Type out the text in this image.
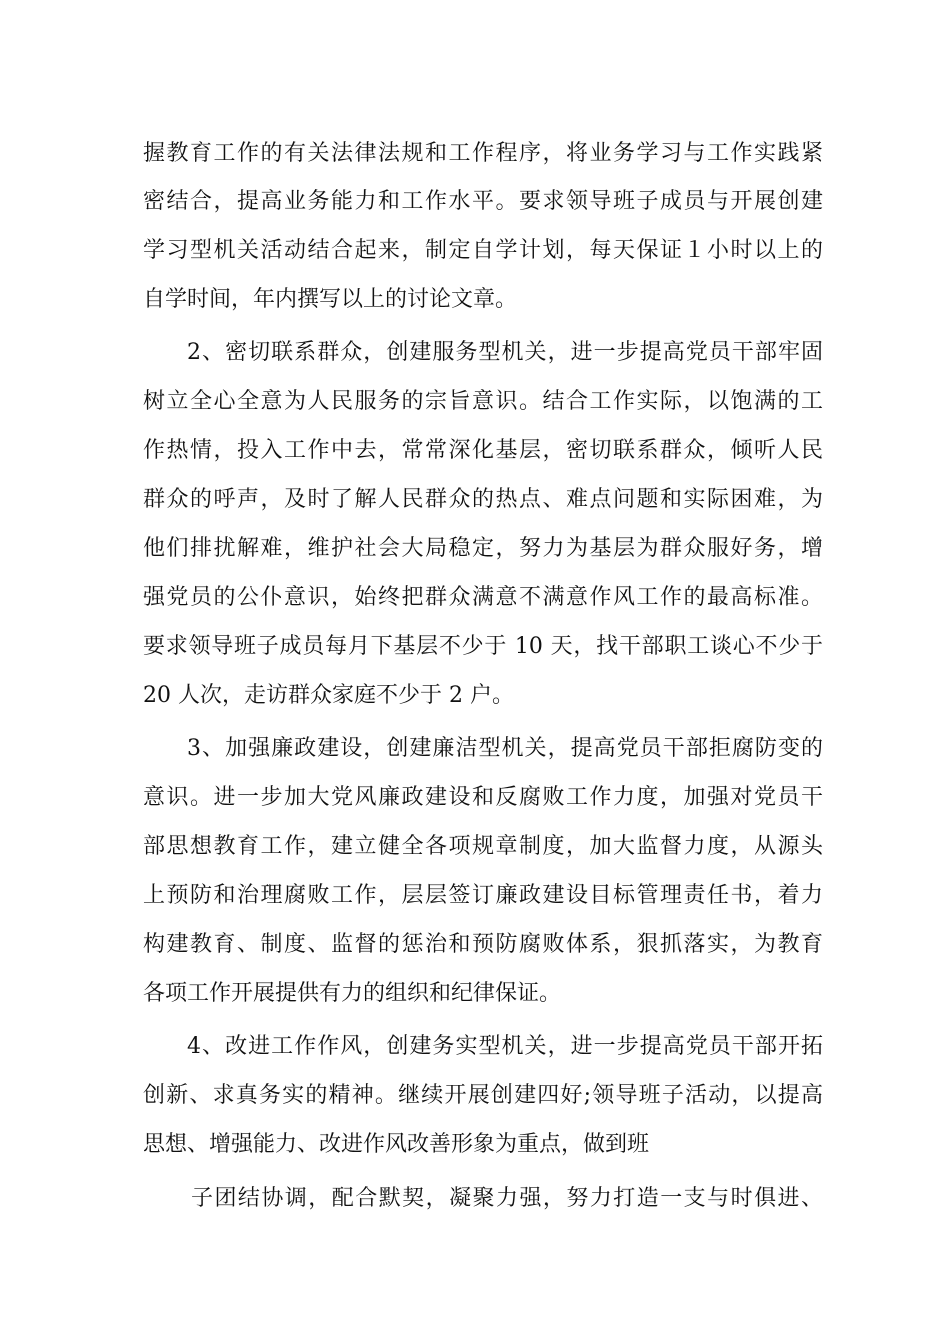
握教育工作的有关法律法规和工作程序，将业务学习与工作实践紧
密结合，提高业务能力和工作水平。要求领导班子成员与开展创建
学习型机关活动结合起来，制定自学计划，每天保证１小时以上的
自学时间，年内撰写以上的讨论文章。
2、密切联系群众，创建服务型机关，进一步提高党员干部牢固
树立全心全意为人民服务的宗旨意识。结合工作实际，以饱满的工
作热情，投入工作中去，常常深化基层，密切联系群众，倾听人民
群众的呼声，及时了解人民群众的热点、难点问题和实际困难，为
他们排扰解难，维护社会大局稳定，努力为基层为群众服好务，增
强党员的公仆意识，始终把群众满意不满意作风工作的最高标准。
要求领导班子成员每月下基层不少于 10 天，找干部职工谈心不少于
20 人次，走访群众家庭不少于 2 户。
3、加强廉政建设，创建廉洁型机关，提高党员干部拒腐防变的
意识。进一步加大党风廉政建设和反腐败工作力度，加强对党员干
部思想教育工作，建立健全各项规章制度，加大监督力度，从源头
上预防和治理腐败工作，层层签订廉政建设目标管理责任书，着力
构建教育、制度、监督的惩治和预防腐败体系，狠抓落实，为教育
各项工作开展提供有力的组织和纪律保证。
4、改进工作作风，创建务实型机关，进一步提高党员干部开拓
创新、求真务实的精神。继续开展创建四好;领导班子活动，以提高
思想、增强能力、改进作风改善形象为重点，做到班
子团结协调，配合默契，凝聚力强，努力打造一支与时俱进、
